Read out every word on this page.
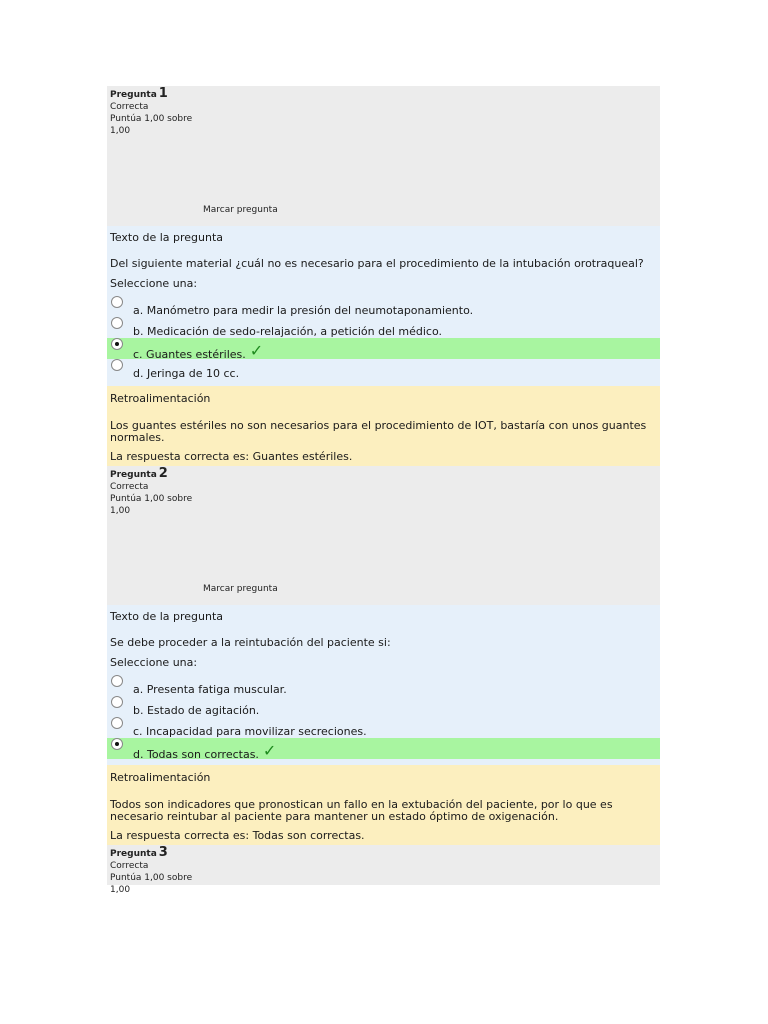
Pregunta 1
Correcta
Puntúa 1,00 sobre 1,00
Marcar pregunta
Texto de la pregunta
Del siguiente material ¿cuál no es necesario para el procedimiento de la intubación orotraqueal?
Seleccione una:
a. Manómetro para medir la presión del neumotaponamiento.
b. Medicación de sedo-relajación, a petición del médico.
c. Guantes estériles. ✓
d. Jeringa de 10 cc.
Retroalimentación
Los guantes estériles no son necesarios para el procedimiento de IOT, bastaría con unos guantes normales.
La respuesta correcta es: Guantes estériles.
Pregunta 2
Correcta
Puntúa 1,00 sobre 1,00
Marcar pregunta
Texto de la pregunta
Se debe proceder a la reintubación del paciente si:
Seleccione una:
a. Presenta fatiga muscular.
b. Estado de agitación.
c. Incapacidad para movilizar secreciones.
d. Todas son correctas. ✓
Retroalimentación
Todos son indicadores que pronostican un fallo en la extubación del paciente, por lo que es necesario reintubar al paciente para mantener un estado óptimo de oxigenación.
La respuesta correcta es: Todas son correctas.
Pregunta 3
Correcta
Puntúa 1,00 sobre 1,00
